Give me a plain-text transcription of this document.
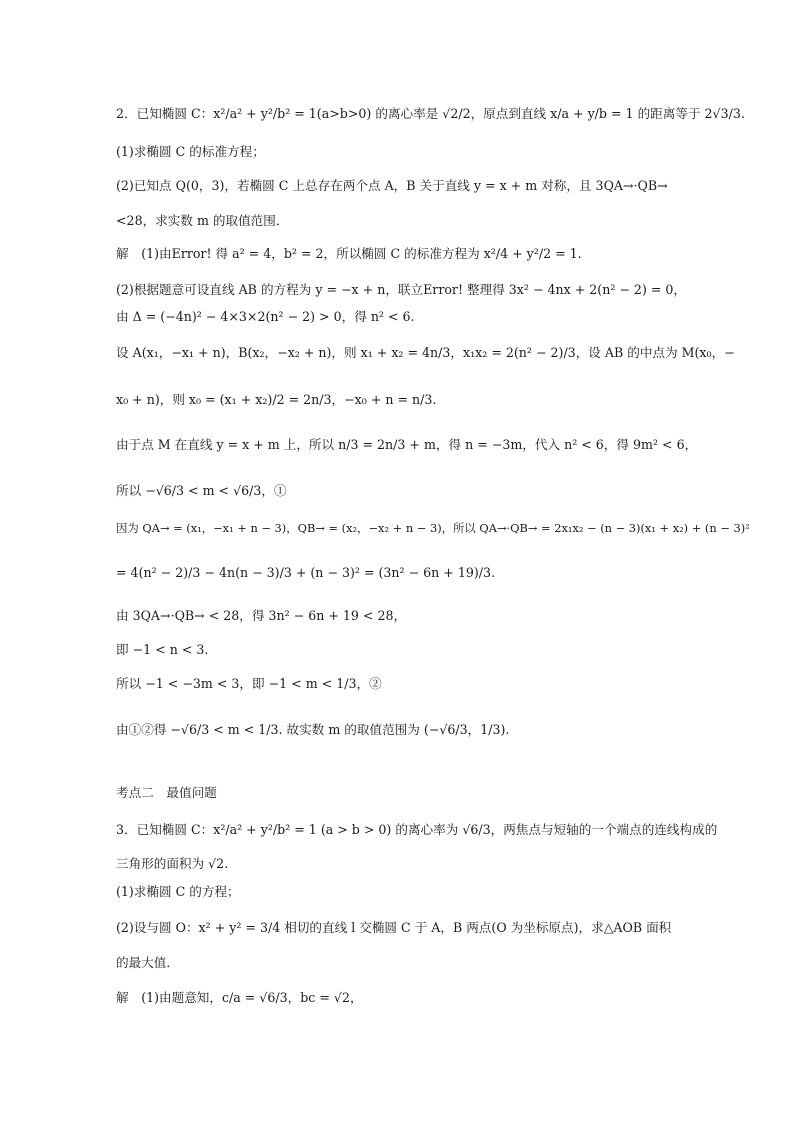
2．已知椭圆 C：x²/a² + y²/b² = 1(a>b>0) 的离心率是 √2/2，原点到直线 x/a + y/b = 1 的距离等于 2√3/3.
(1)求椭圆 C 的标准方程；
(2)已知点 Q(0，3)，若椭圆 C 上总存在两个点 A，B 关于直线 y = x + m 对称，且 3QA→·QB→
<28，求实数 m 的取值范围．
解　(1)由Error! 得 a² = 4，b² = 2，所以椭圆 C 的标准方程为 x²/4 + y²/2 = 1.
(2)根据题意可设直线 AB 的方程为 y = −x + n，联立Error! 整理得 3x² − 4nx + 2(n² − 2) = 0，
由 Δ = (−4n)² − 4×3×2(n² − 2) > 0，得 n² < 6.
设 A(x₁，−x₁ + n)，B(x₂，−x₂ + n)，则 x₁ + x₂ = 4n/3，x₁x₂ = 2(n² − 2)/3，设 AB 的中点为 M(x₀，−
x₀ + n)，则 x₀ = (x₁ + x₂)/2 = 2n/3，−x₀ + n = n/3.
由于点 M 在直线 y = x + m 上，所以 n/3 = 2n/3 + m，得 n = −3m，代入 n² < 6，得 9m² < 6，
所以 −√6/3 < m < √6/3，①
因为 QA→ = (x₁，−x₁ + n − 3)，QB→ = (x₂，−x₂ + n − 3)，所以 QA→·QB→ = 2x₁x₂ − (n − 3)(x₁ + x₂) + (n − 3)²
= 4(n² − 2)/3 − 4n(n − 3)/3 + (n − 3)² = (3n² − 6n + 19)/3.
由 3QA→·QB→ < 28，得 3n² − 6n + 19 < 28，
即 −1 < n < 3.
所以 −1 < −3m < 3，即 −1 < m < 1/3，②
由①②得 −√6/3 < m < 1/3. 故实数 m 的取值范围为 (−√6/3，1/3).
考点二　最值问题
3．已知椭圆 C：x²/a² + y²/b² = 1 (a > b > 0) 的离心率为 √6/3，两焦点与短轴的一个端点的连线构成的
三角形的面积为 √2.
(1)求椭圆 C 的方程；
(2)设与圆 O：x² + y² = 3/4 相切的直线 l 交椭圆 C 于 A，B 两点(O 为坐标原点)，求△AOB 面积
的最大值．
解　(1)由题意知，c/a = √6/3，bc = √2，
